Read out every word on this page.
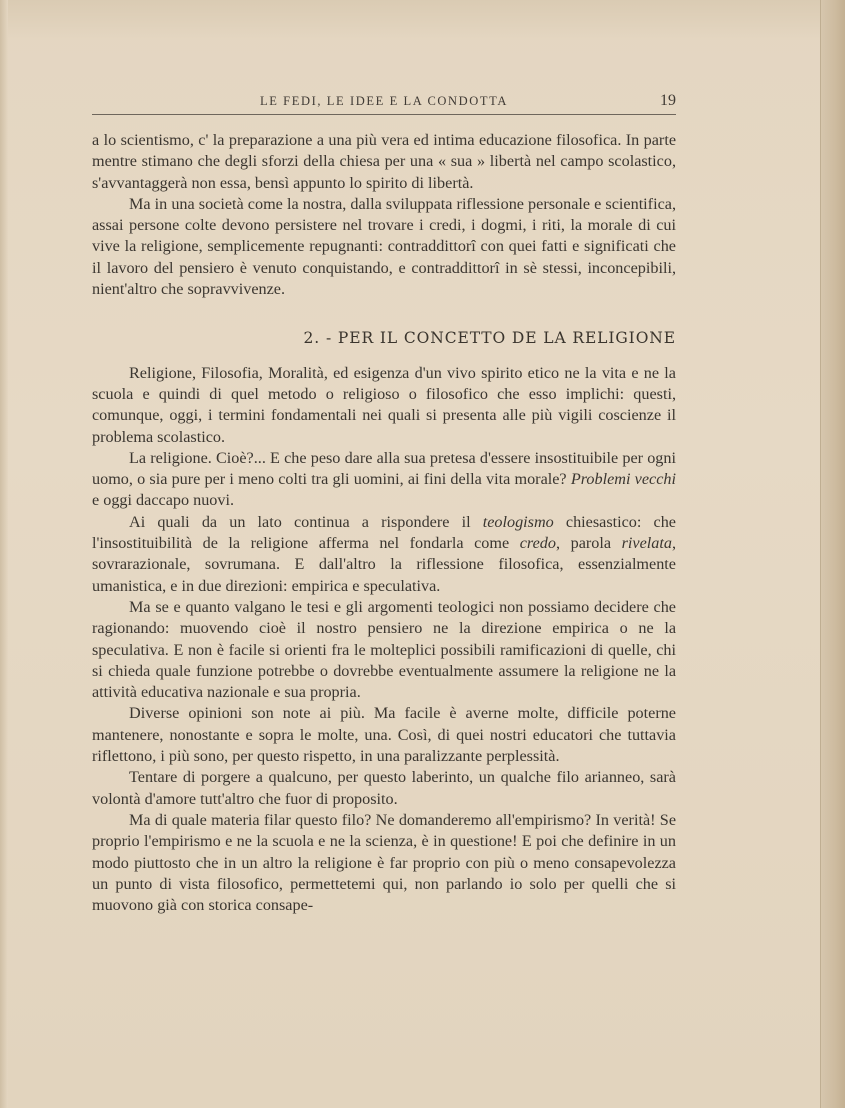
LE FEDI, LE IDEE E LA CONDOTTA	19

a lo scientismo, c' la preparazione a una più vera ed intima educazione filosofica. In parte mentre stimano che degli sforzi della chiesa per una « sua » libertà nel campo scolastico, s'avvantaggerà non essa, bensì appunto lo spirito di libertà.

Ma in una società come la nostra, dalla sviluppata riflessione personale e scientifica, assai persone colte devono persistere nel trovare i credi, i dogmi, i riti, la morale di cui vive la religione, semplicemente repugnanti: contraddittorî con quei fatti e significati che il lavoro del pensiero è venuto conquistando, e contraddittorî in sè stessi, inconcepibili, nient'altro che sopravvivenze.

2. - PER IL CONCETTO DE LA RELIGIONE

Religione, Filosofia, Moralità, ed esigenza d'un vivo spirito etico ne la vita e ne la scuola e quindi di quel metodo o religioso o filosofico che esso implichi: questi, comunque, oggi, i termini fondamentali nei quali si presenta alle più vigili coscienze il problema scolastico.

La religione. Cioè?... E che peso dare alla sua pretesa d'essere insostituibile per ogni uomo, o sia pure per i meno colti tra gli uomini, ai fini della vita morale? Problemi vecchi e oggi daccapo nuovi.

Ai quali da un lato continua a rispondere il teologismo chiesastico: che l'insostituibilità de la religione afferma nel fondarla come credo, parola rivelata, sovrarazionale, sovrumana. E dall'altro la riflessione filosofica, essenzialmente umanistica, e in due direzioni: empirica e speculativa.

Ma se e quanto valgano le tesi e gli argomenti teologici non possiamo decidere che ragionando: muovendo cioè il nostro pensiero ne la direzione empirica o ne la speculativa. E non è facile si orienti fra le molteplici possibili ramificazioni di quelle, chi si chieda quale funzione potrebbe o dovrebbe eventualmente assumere la religione ne la attività educativa nazionale e sua propria.

Diverse opinioni son note ai più. Ma facile è averne molte, difficile poterne mantenere, nonostante e sopra le molte, una. Così, di quei nostri educatori che tuttavia riflettono, i più sono, per questo rispetto, in una paralizzante perplessità.

Tentare di porgere a qualcuno, per questo laberinto, un qualche filo arianneo, sarà volontà d'amore tutt'altro che fuor di proposito.

Ma di quale materia filar questo filo? Ne domanderemo all'empirismo? In verità! Se proprio l'empirismo e ne la scuola e ne la scienza, è in questione! E poi che definire in un modo piuttosto che in un altro la religione è far proprio con più o meno consapevolezza un punto di vista filosofico, permettetemi qui, non parlando io solo per quelli che si muovono già con storica consape-
